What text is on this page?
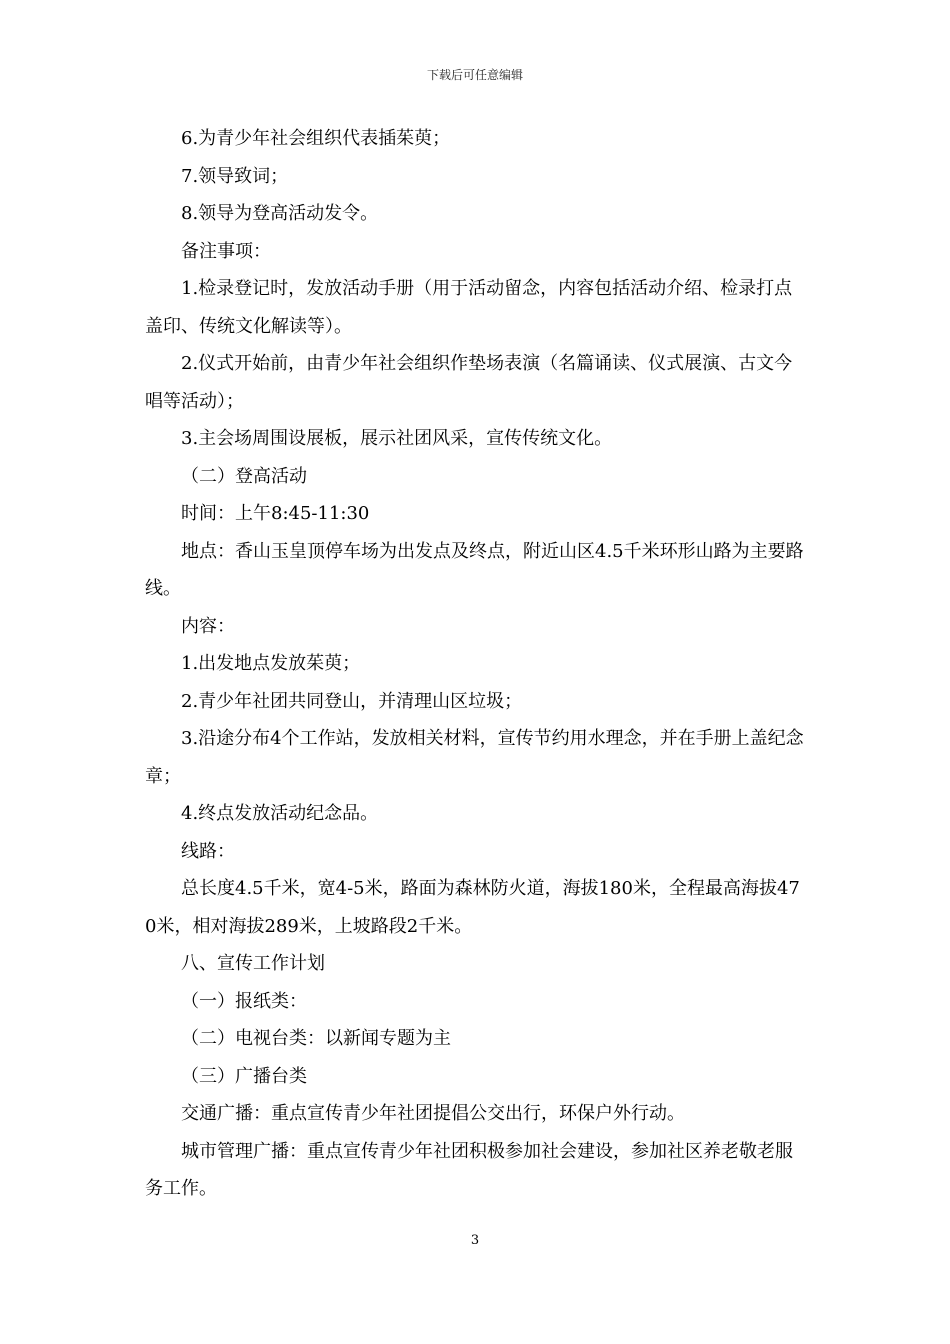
下载后可任意编辑

6.为青少年社会组织代表插茱萸；

7.领导致词；

8.领导为登高活动发令。

备注事项：

1.检录登记时，发放活动手册（用于活动留念，内容包括活动介绍、检录打点盖印、传统文化解读等）。

2.仪式开始前，由青少年社会组织作垫场表演（名篇诵读、仪式展演、古文今唱等活动）；

3.主会场周围设展板，展示社团风采，宣传传统文化。

（二）登高活动

时间：上午8:45-11:30

地点：香山玉皇顶停车场为出发点及终点，附近山区4.5千米环形山路为主要路线。

内容：

1.出发地点发放茱萸；

2.青少年社团共同登山，并清理山区垃圾；

3.沿途分布4个工作站，发放相关材料，宣传节约用水理念，并在手册上盖纪念章；

4.终点发放活动纪念品。

线路：

总长度4.5千米，宽4-5米，路面为森林防火道，海拔180米，全程最高海拔470米，相对海拔289米，上坡路段2千米。

八、宣传工作计划

（一）报纸类：

（二）电视台类：以新闻专题为主

（三）广播台类

交通广播：重点宣传青少年社团提倡公交出行，环保户外行动。

城市管理广播：重点宣传青少年社团积极参加社会建设，参加社区养老敬老服务工作。

3
